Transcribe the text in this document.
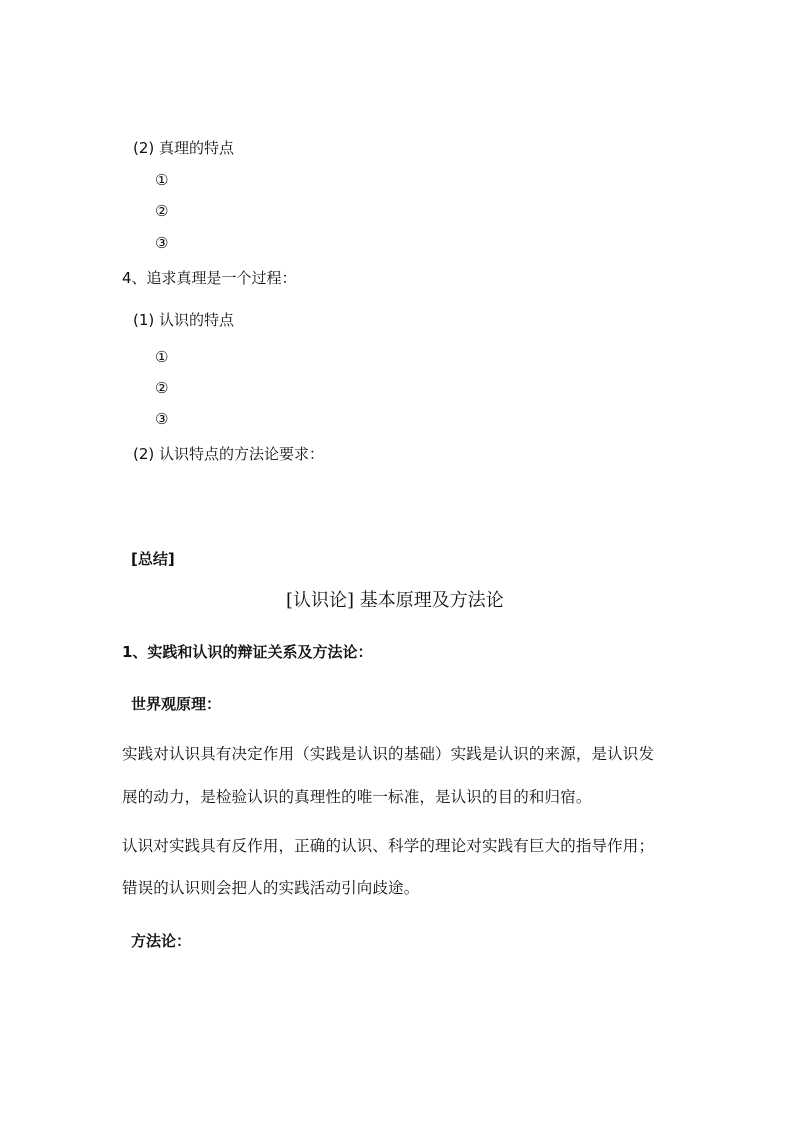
(2) 真理的特点
①
②
③
4、追求真理是一个过程：
(1) 认识的特点
①
②
③
(2) 认识特点的方法论要求：
[总结]
[认识论] 基本原理及方法论
1、实践和认识的辩证关系及方法论：
世界观原理：
实践对认识具有决定作用（实践是认识的基础）实践是认识的来源，是认识发
展的动力，是检验认识的真理性的唯一标准，是认识的目的和归宿。
认识对实践具有反作用，正确的认识、科学的理论对实践有巨大的指导作用；
错误的认识则会把人的实践活动引向歧途。
方法论：
